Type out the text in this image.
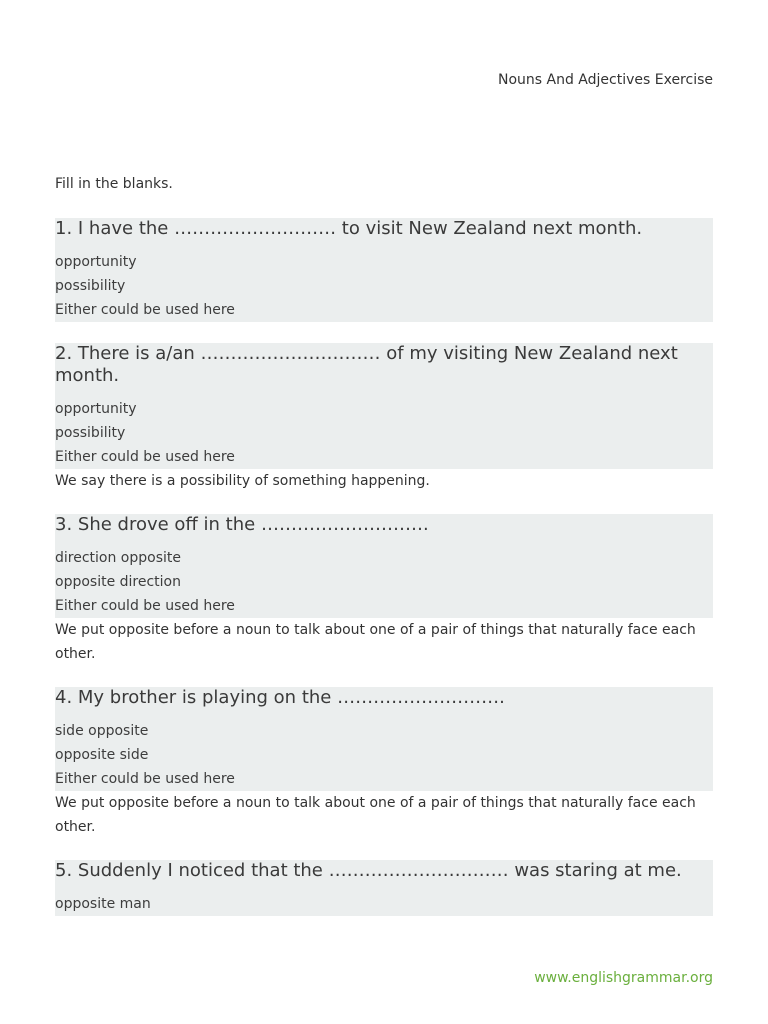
Nouns And Adjectives Exercise
Fill in the blanks.
1. I have the ……………………… to visit New Zealand next month.
opportunity
possibility
Either could be used here
2. There is a/an ………………………… of my visiting New Zealand next month.
opportunity
possibility
Either could be used here
We say there is a possibility of something happening.
3. She drove off in the ……………………….
direction opposite
opposite direction
Either could be used here
We put opposite before a noun to talk about one of a pair of things that naturally face each other.
4. My brother is playing on the ……………………….
side opposite
opposite side
Either could be used here
We put opposite before a noun to talk about one of a pair of things that naturally face each other.
5. Suddenly I noticed that the ………………………… was staring at me.
opposite man
www.englishgrammar.org
